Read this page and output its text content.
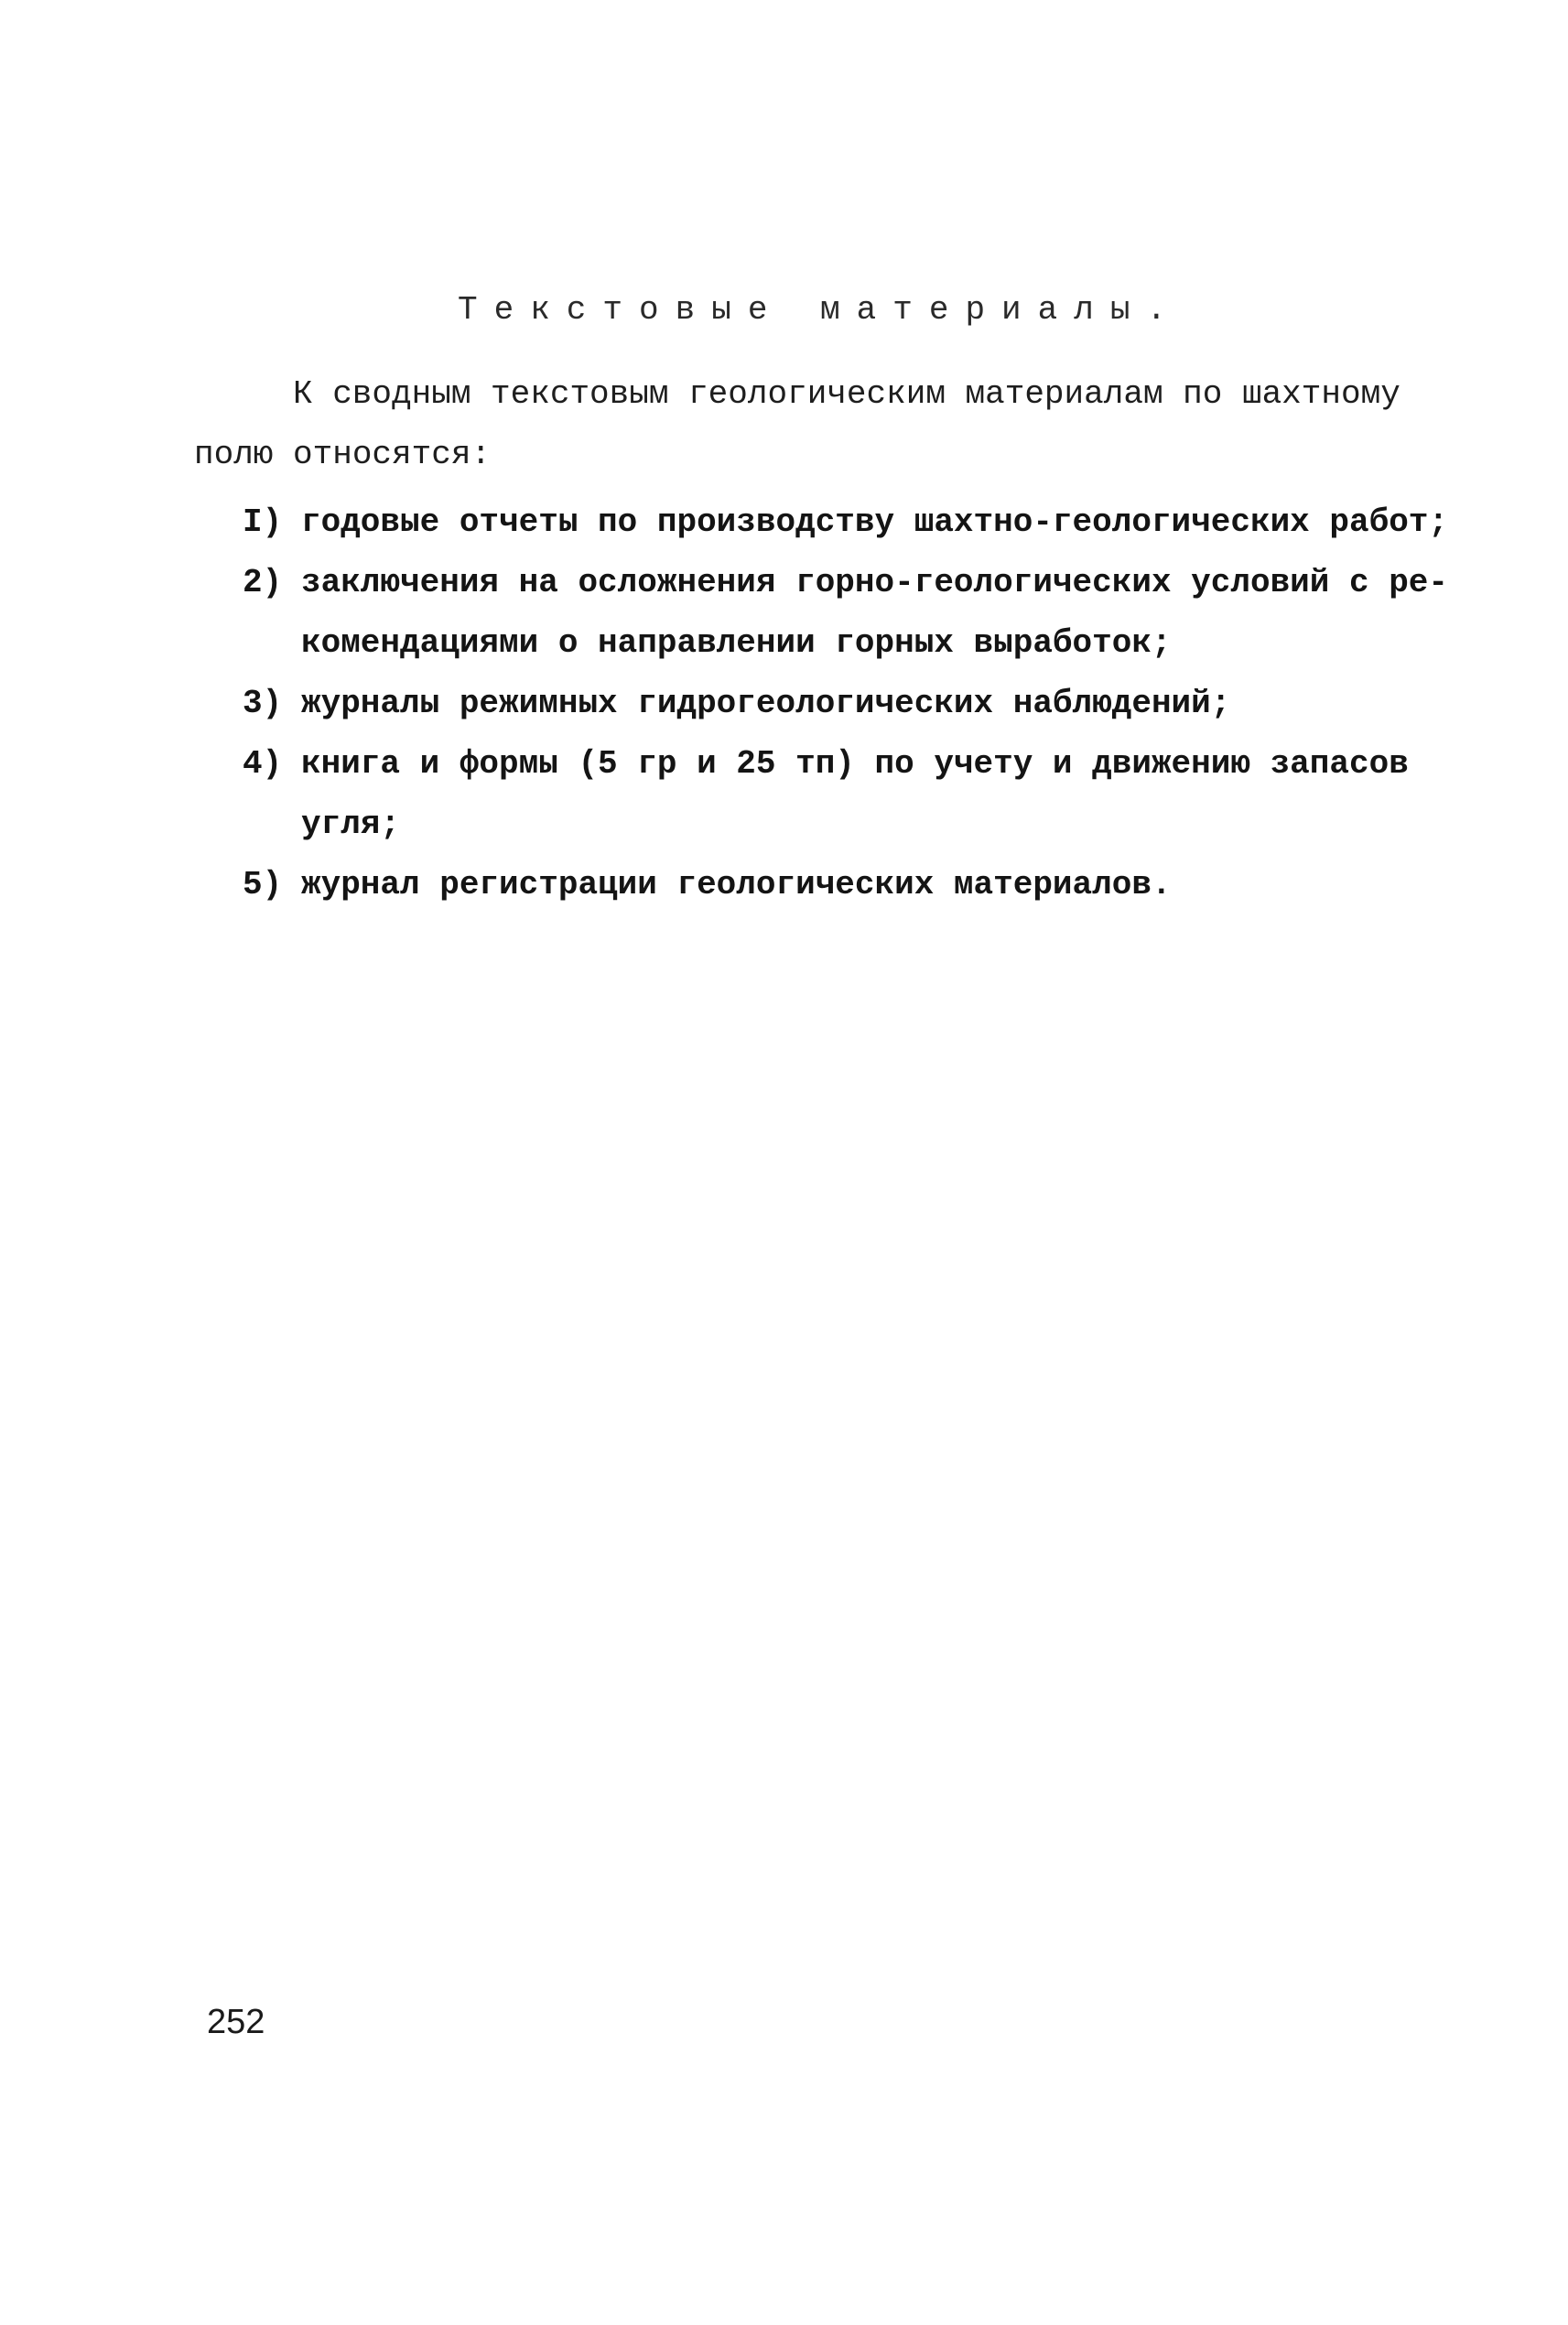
Текстовые материалы.
К сводным текстовым геологическим материалам по шахтному
полю относятся:
I) годовые отчеты по производству шахтно-геологических работ;
2) заключения на осложнения горно-геологических условий с ре-
комендациями о направлении горных выработок;
3) журналы режимных гидрогеологических наблюдений;
4) книга и формы (5 гр и 25 тп) по учету и движению запасов
угля;
5) журнал регистрации геологических материалов.
252
